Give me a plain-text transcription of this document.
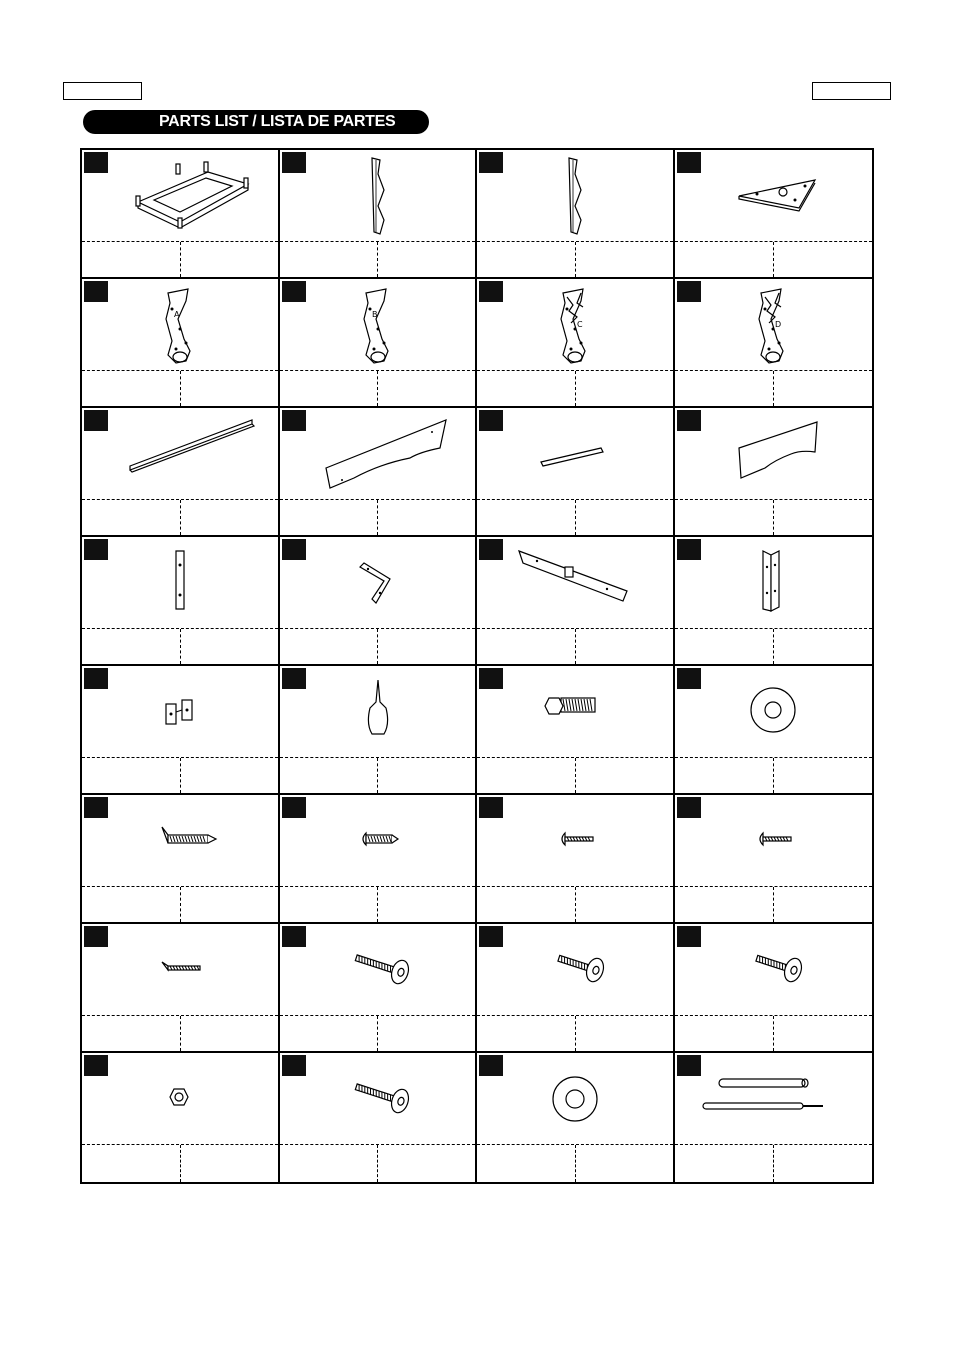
PARTS LIST / LISTA DE PARTES
A	B
C	D
